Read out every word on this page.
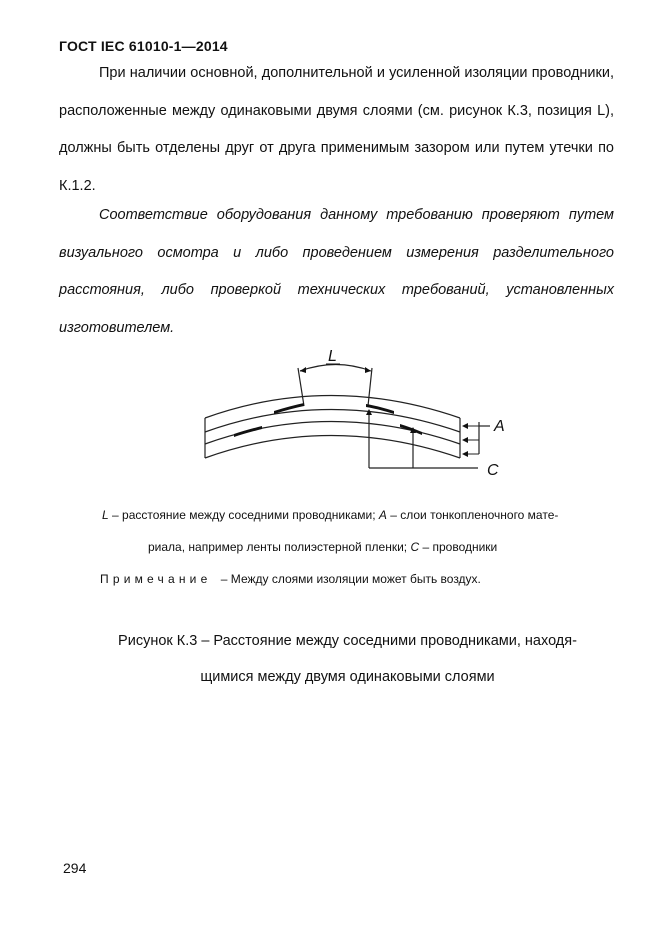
ГОСТ IEC 61010-1—2014
При наличии основной, дополнительной и усиленной изоляции проводники, расположенные между одинаковыми двумя слоями (см. рисунок К.3, позиция L), должны быть отделены друг от друга применимым зазором или путем утечки по К.1.2.
Соответствие оборудования данному требованию проверяют путем визуального осмотра и либо проведением измерения разделительного расстояния, либо проверкой технических требований, установленных изготовителем.
L
A
C
L – расстояние между соседними проводниками; A – слои тонкопленочного мате-
риала, например ленты полиэстерной пленки; C – проводники
Примечание – Между слоями изоляции может быть воздух.
Рисунок К.3 – Расстояние между соседними проводниками, находя-
щимися между двумя одинаковыми слоями
294
